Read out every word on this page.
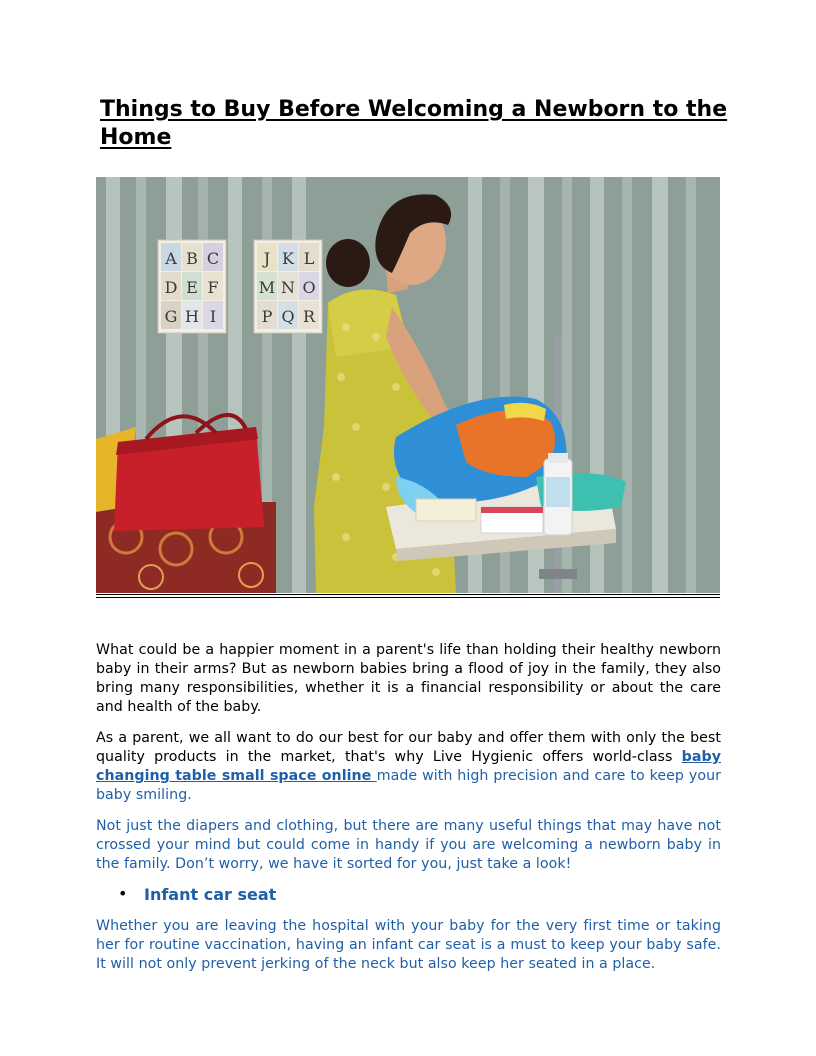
Things to Buy Before Welcoming a Newborn to the Home
A B C
D E F
G H I
J K L
M N O
P Q R

What could be a happier moment in a parent's life than holding their healthy newborn baby in their arms? But as newborn babies bring a flood of joy in the family, they also bring many responsibilities, whether it is a financial responsibility or about the care and health of the baby.

As a parent, we all want to do our best for our baby and offer them with only the best quality products in the market, that's why Live Hygienic offers world-class baby changing table small space online made with high precision and care to keep your baby smiling.

Not just the diapers and clothing, but there are many useful things that may have not crossed your mind but could come in handy if you are welcoming a newborn baby in the family. Don’t worry, we have it sorted for you, just take a look!

• Infant car seat

Whether you are leaving the hospital with your baby for the very first time or taking her for routine vaccination, having an infant car seat is a must to keep your baby safe. It will not only prevent jerking of the neck but also keep her seated in a place.
